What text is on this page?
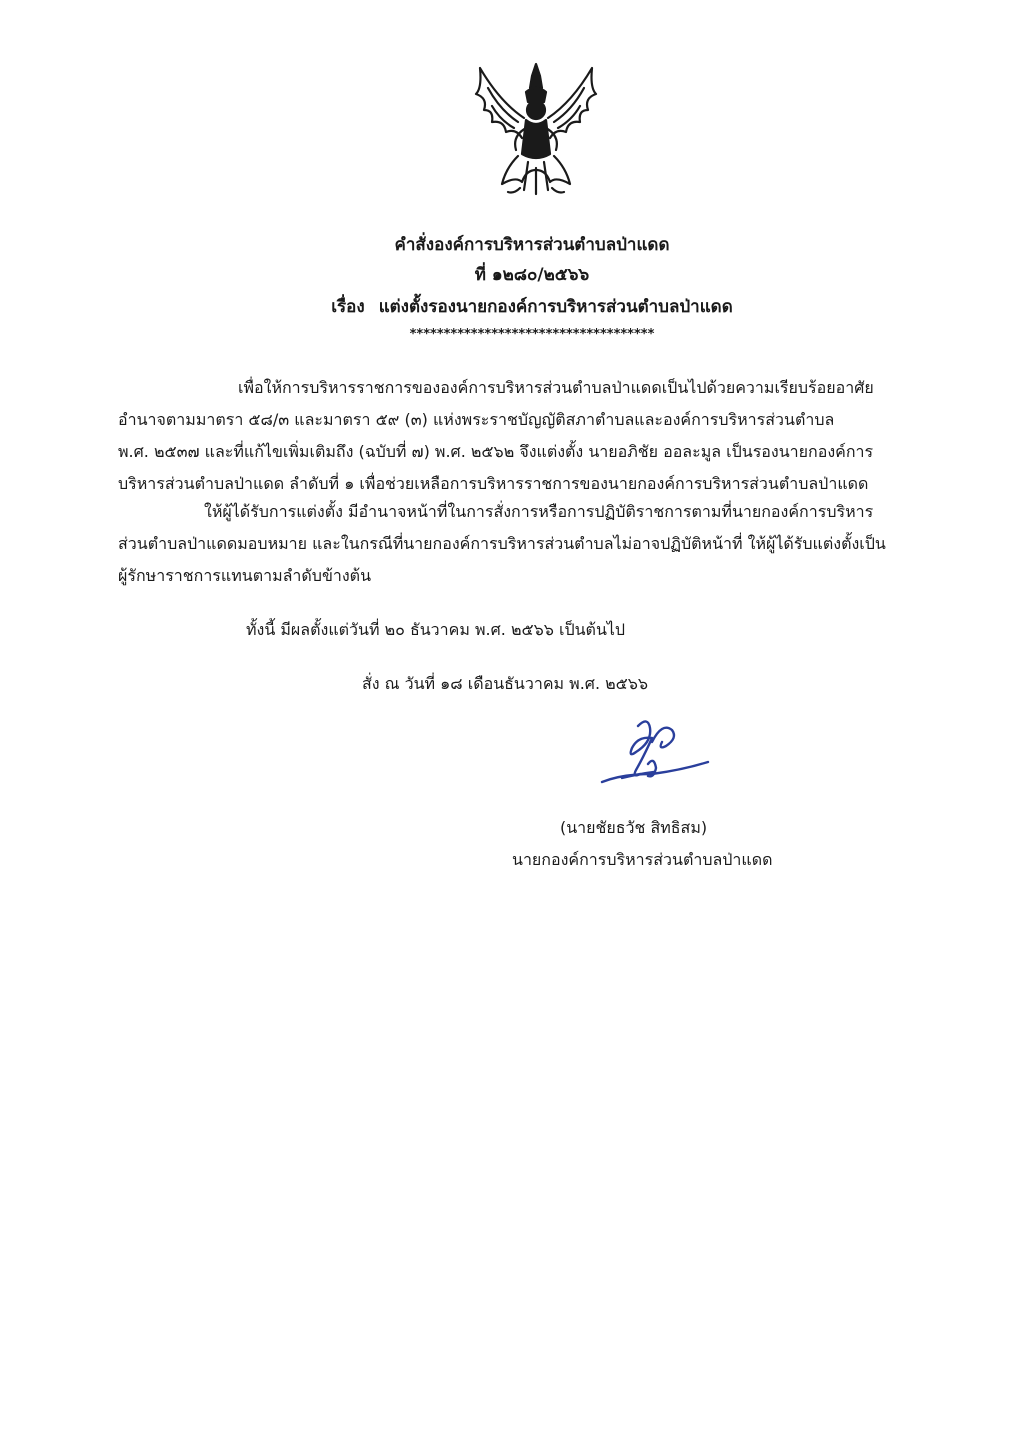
คำสั่งองค์การบริหารส่วนตำบลป่าแดด
ที่ ๑๒๘๐/๒๕๖๖
เรื่อง แต่งตั้งรองนายกองค์การบริหารส่วนตำบลป่าแดด
************************************
เพื่อให้การบริหารราชการขององค์การบริหารส่วนตำบลป่าแดดเป็นไปด้วยความเรียบร้อยอาศัย
อำนาจตามมาตรา ๕๘/๓ และมาตรา ๕๙ (๓) แห่งพระราชบัญญัติสภาตำบลและองค์การบริหารส่วนตำบล
พ.ศ. ๒๕๓๗ และที่แก้ไขเพิ่มเติมถึง (ฉบับที่ ๗) พ.ศ. ๒๕๖๒ จึงแต่งตั้ง นายอภิชัย ออละมูล เป็นรองนายกองค์การ
บริหารส่วนตำบลป่าแดด ลำดับที่ ๑ เพื่อช่วยเหลือการบริหารราชการของนายกองค์การบริหารส่วนตำบลป่าแดด
ให้ผู้ได้รับการแต่งตั้ง มีอำนาจหน้าที่ในการสั่งการหรือการปฏิบัติราชการตามที่นายกองค์การบริหาร
ส่วนตำบลป่าแดดมอบหมาย และในกรณีที่นายกองค์การบริหารส่วนตำบลไม่อาจปฏิบัติหน้าที่ ให้ผู้ได้รับแต่งตั้งเป็น
ผู้รักษาราชการแทนตามลำดับข้างต้น
ทั้งนี้ มีผลตั้งแต่วันที่ ๒๐ ธันวาคม พ.ศ. ๒๕๖๖ เป็นต้นไป
สั่ง ณ วันที่ ๑๘ เดือนธันวาคม พ.ศ. ๒๕๖๖
(นายชัยธวัช สิทธิสม)
นายกองค์การบริหารส่วนตำบลป่าแดด
